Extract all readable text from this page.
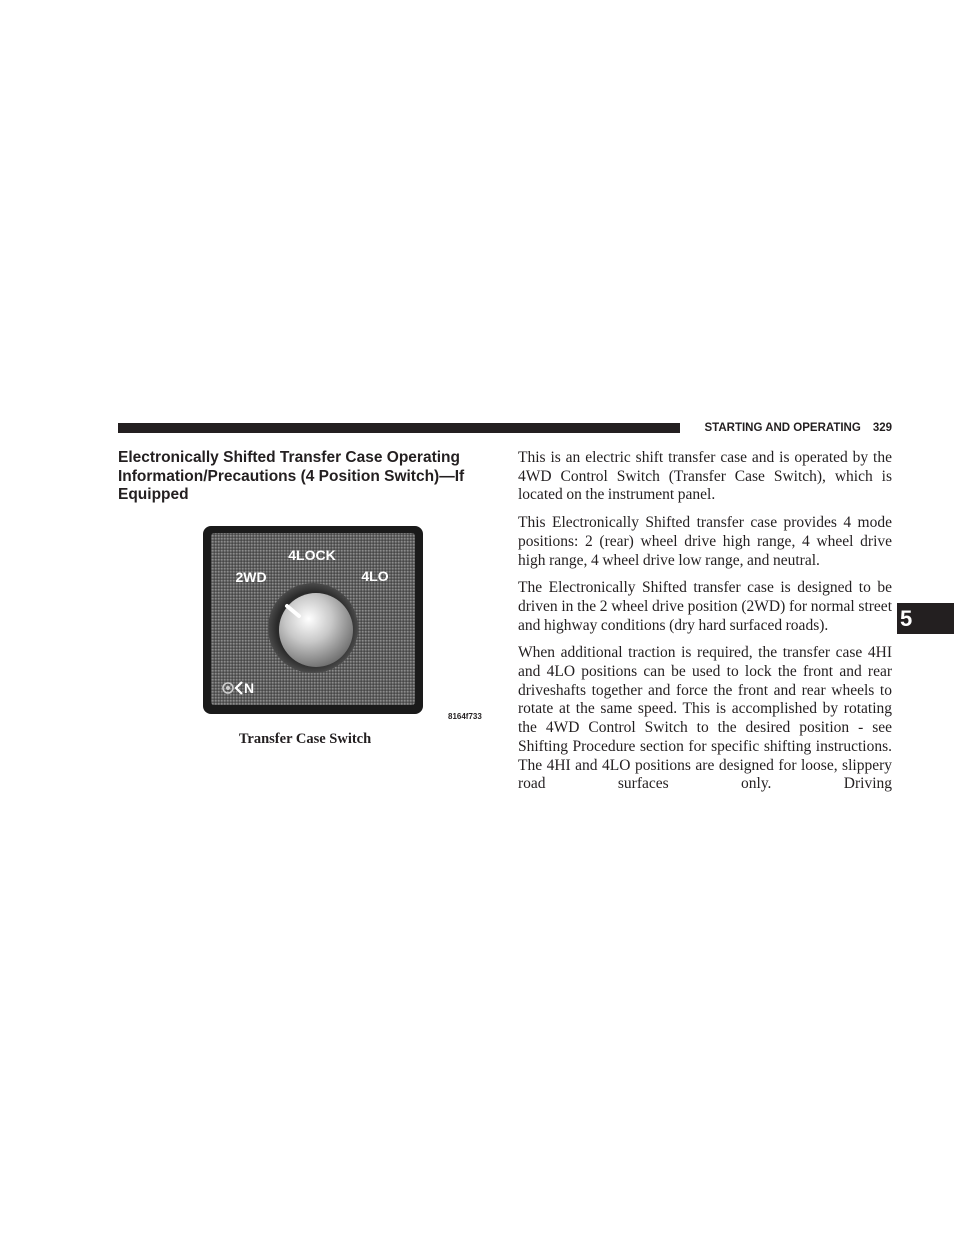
STARTING AND OPERATING 329
Electronically Shifted Transfer Case Operating Information/Precautions (4 Position Switch)—If Equipped
4LOCK
2WD	4LO
N
8164f733
Transfer Case Switch

This is an electric shift transfer case and is operated by the 4WD Control Switch (Transfer Case Switch), which is located on the instrument panel.

This Electronically Shifted transfer case provides 4 mode positions: 2 (rear) wheel drive high range, 4 wheel drive high range, 4 wheel drive low range, and neutral.

The Electronically Shifted transfer case is designed to be driven in the 2 wheel drive position (2WD) for normal street and highway conditions (dry hard surfaced roads).

When additional traction is required, the transfer case 4HI and 4LO positions can be used to lock the front and rear driveshafts together and force the front and rear wheels to rotate at the same speed. This is accomplished by rotating the 4WD Control Switch to the desired position - see Shifting Procedure section for specific shifting instructions. The 4HI and 4LO positions are designed for loose, slippery road surfaces only. Driving

5
